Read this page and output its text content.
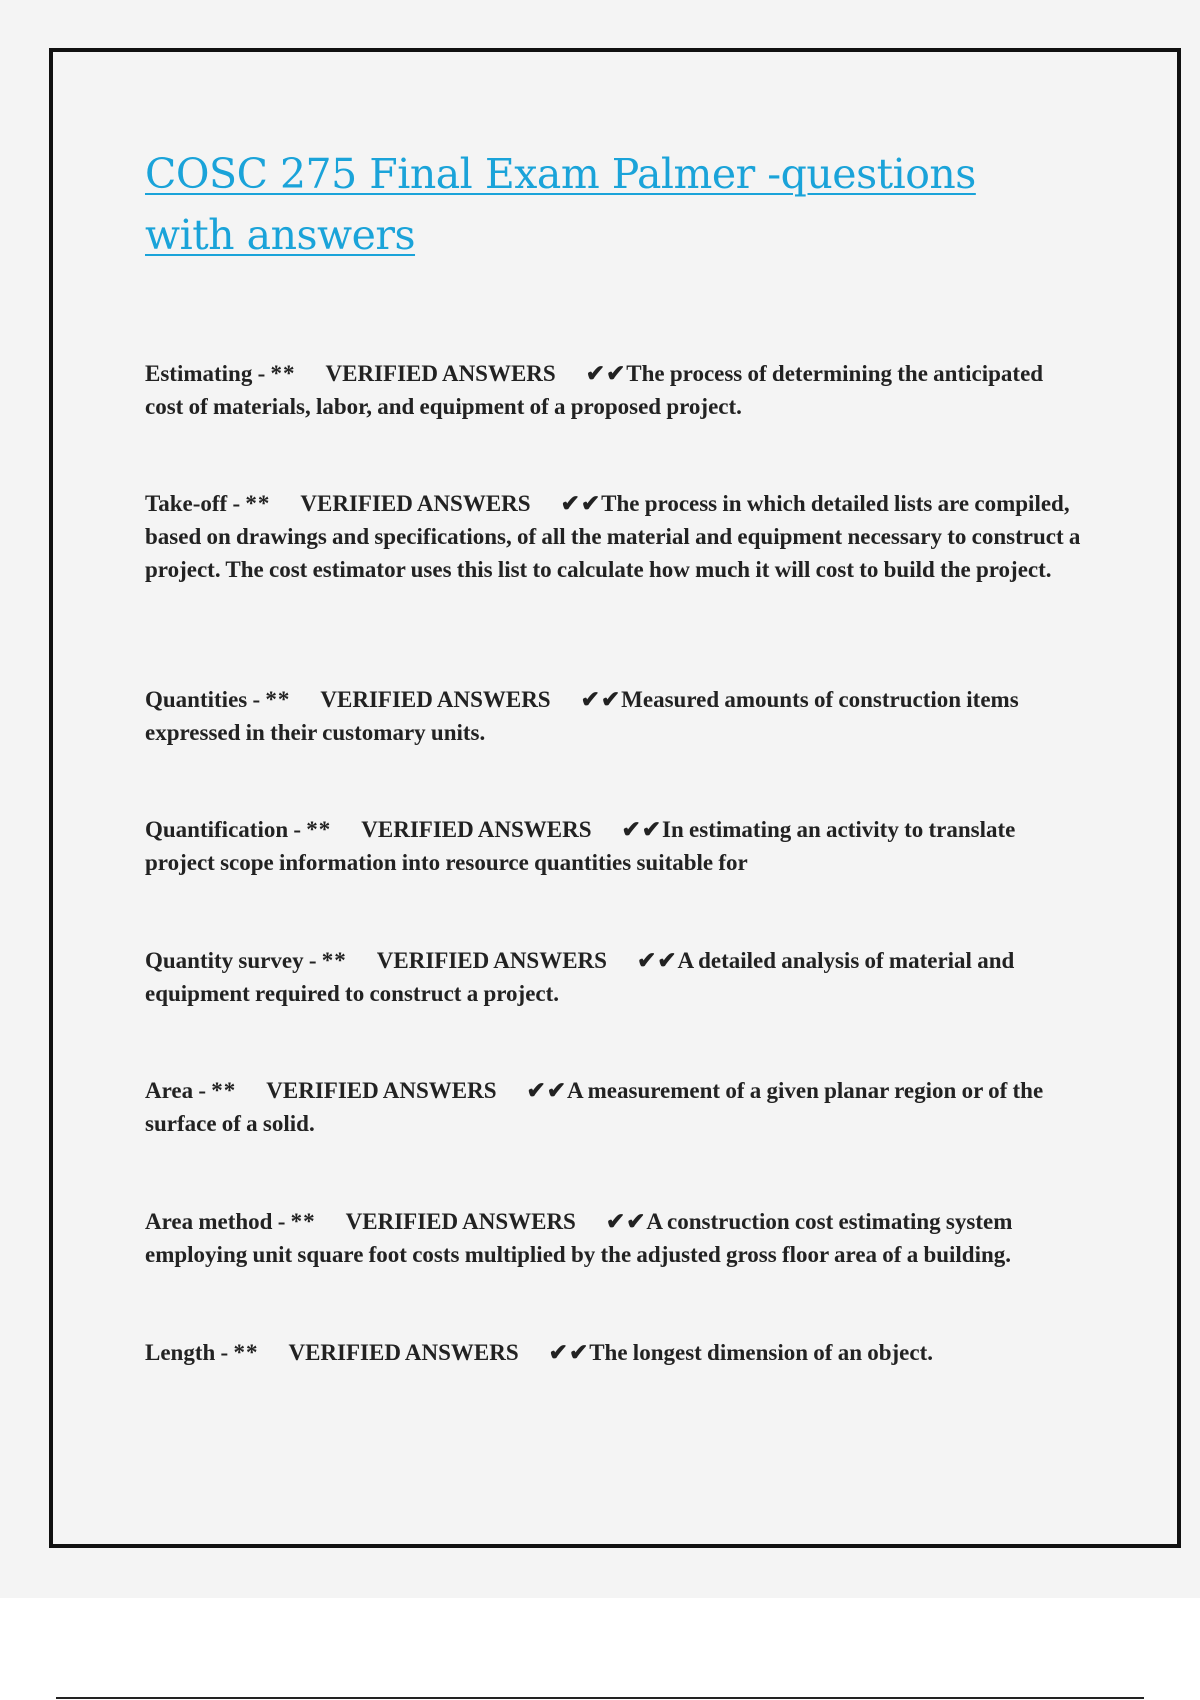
COSC 275 Final Exam Palmer -questions with answers

Estimating - ** VERIFIED ANSWERS ✔✔The process of determining the anticipated cost of materials, labor, and equipment of a proposed project.

Take-off - ** VERIFIED ANSWERS ✔✔The process in which detailed lists are compiled, based on drawings and specifications, of all the material and equipment necessary to construct a project. The cost estimator uses this list to calculate how much it will cost to build the project.

Quantities - ** VERIFIED ANSWERS ✔✔Measured amounts of construction items expressed in their customary units.

Quantification - ** VERIFIED ANSWERS ✔✔In estimating an activity to translate project scope information into resource quantities suitable for

Quantity survey - ** VERIFIED ANSWERS ✔✔A detailed analysis of material and equipment required to construct a project.

Area - ** VERIFIED ANSWERS ✔✔A measurement of a given planar region or of the surface of a solid.

Area method - ** VERIFIED ANSWERS ✔✔A construction cost estimating system employing unit square foot costs multiplied by the adjusted gross floor area of a building.

Length - ** VERIFIED ANSWERS ✔✔The longest dimension of an object.
